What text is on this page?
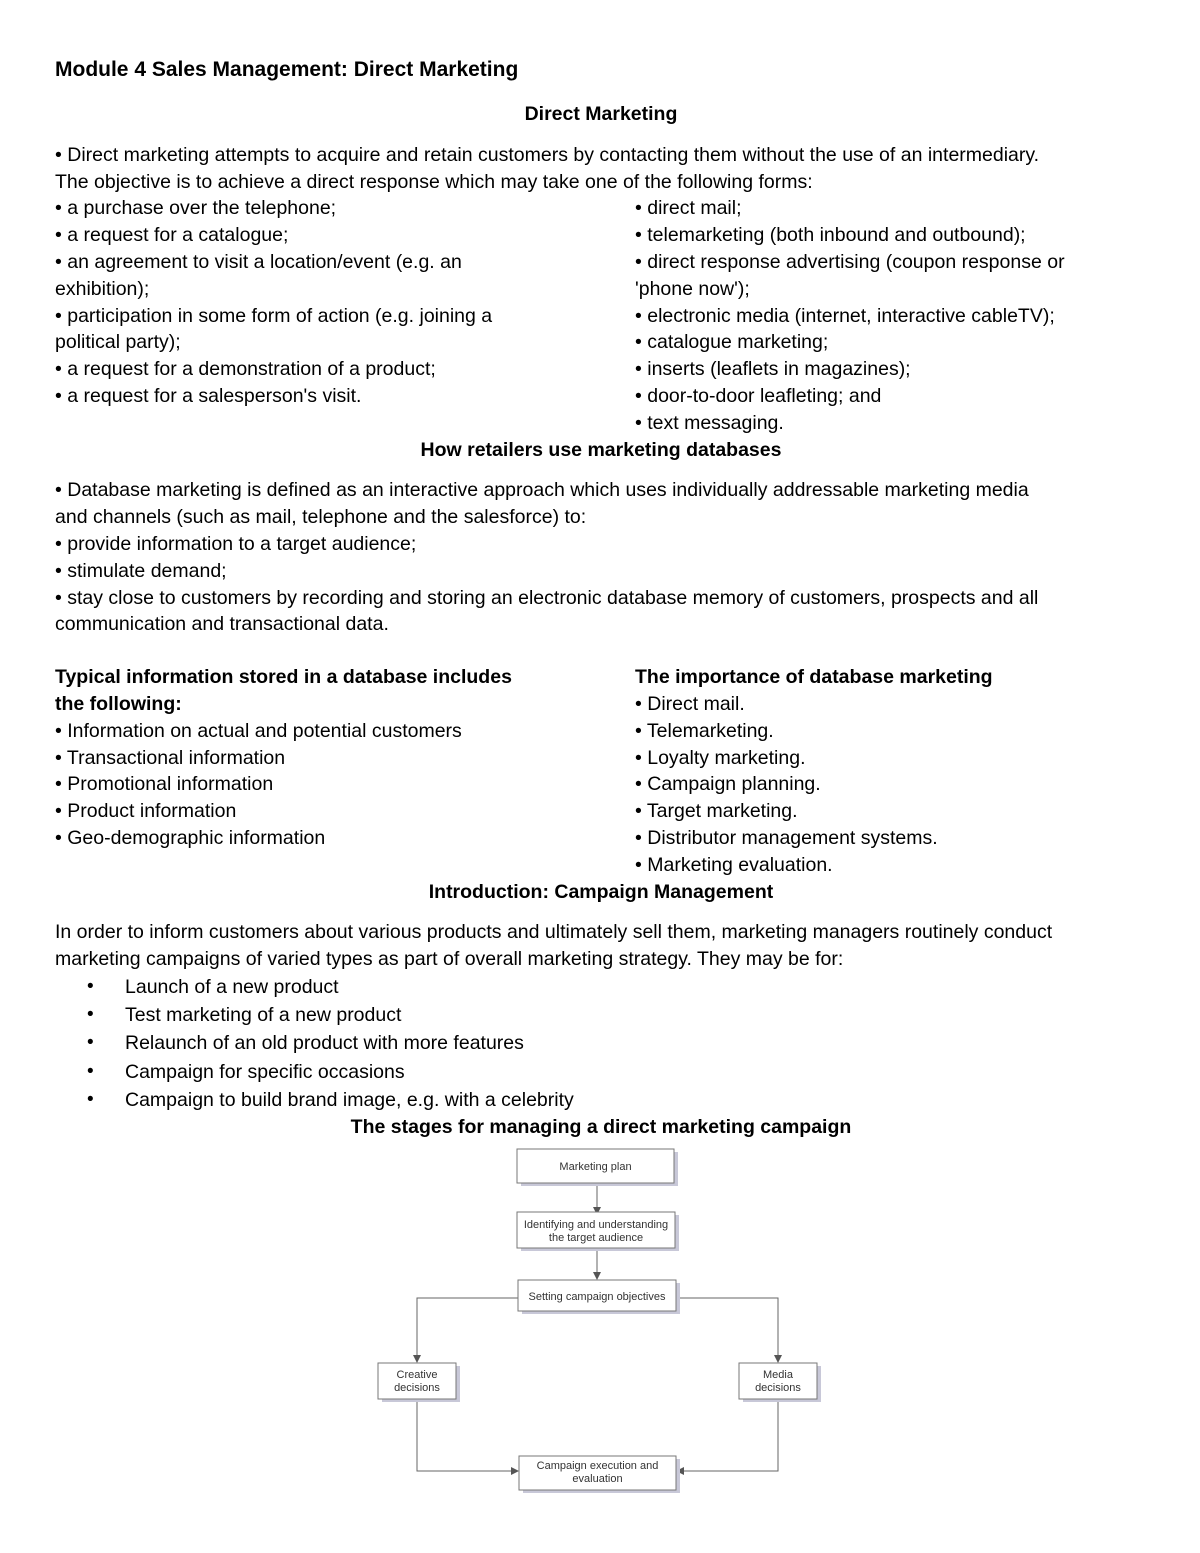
Module 4 Sales Management: Direct Marketing

Direct Marketing

• Direct marketing attempts to acquire and retain customers by contacting them without the use of an intermediary.

The objective is to achieve a direct response which may take one of the following forms:

• a purchase over the telephone;

• a request for a catalogue;

• an agreement to visit a location/event (e.g. an

exhibition);

• participation in some form of action (e.g. joining a

political party);

• a request for a demonstration of a product;

• a request for a salesperson's visit.

• direct mail;

• telemarketing (both inbound and outbound);

• direct response advertising (coupon response or

'phone now');

• electronic media (internet, interactive cableTV);

• catalogue marketing;

• inserts (leaflets in magazines);

• door-to-door leafleting; and

• text messaging.

How retailers use marketing databases

• Database marketing is defined as an interactive approach which uses individually addressable marketing media

and channels (such as mail, telephone and the salesforce) to:

• provide information to a target audience;

• stimulate demand;

• stay close to customers by recording and storing an electronic database memory of customers, prospects and all

communication and transactional data.

Typical information stored in a database includes

the following:

• Information on actual and potential customers

• Transactional information

• Promotional information

• Product information

• Geo-demographic information

The importance of database marketing

• Direct mail.

• Telemarketing.

• Loyalty marketing.

• Campaign planning.

• Target marketing.

• Distributor management systems.

• Marketing evaluation.

Introduction: Campaign Management

In order to inform customers about various products and ultimately sell them, marketing managers routinely conduct

marketing campaigns of varied types as part of overall marketing strategy. They may be for:

• Launch of a new product
• Test marketing of a new product
• Relaunch of an old product with more features
• Campaign for specific occasions
• Campaign to build brand image, e.g. with a celebrity

The stages for managing a direct marketing campaign

Marketing plan
Identifying and understanding
the target audience
Setting campaign objectives
Creative
decisions
Media
decisions
Campaign execution and
evaluation
